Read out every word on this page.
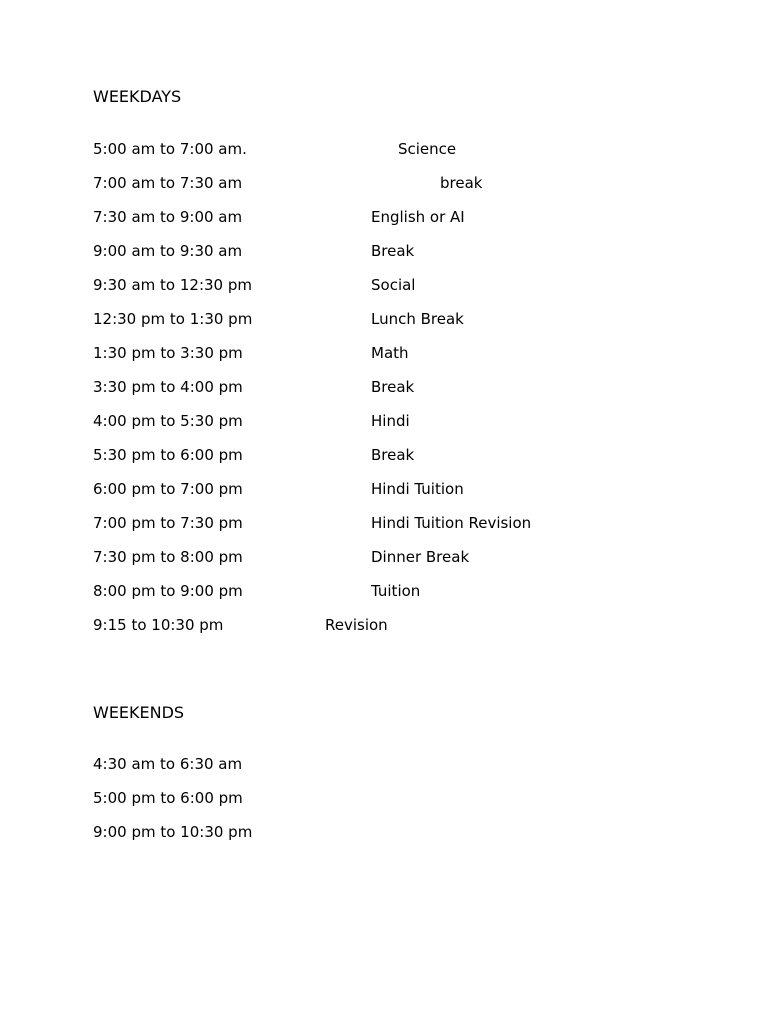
WEEKDAYS
5:00 am to 7:00 am.	Science
7:00 am to 7:30 am	break
7:30 am to 9:00 am	English or AI
9:00 am to 9:30 am	Break
9:30 am to 12:30 pm	Social
12:30 pm to 1:30 pm	Lunch Break
1:30 pm to 3:30 pm	Math
3:30 pm to 4:00 pm	Break
4:00 pm to 5:30 pm	Hindi
5:30 pm to 6:00 pm	Break
6:00 pm to 7:00 pm	Hindi Tuition
7:00 pm to 7:30 pm	Hindi Tuition Revision
7:30 pm to 8:00 pm	Dinner Break
8:00 pm to 9:00 pm	Tuition
9:15 to 10:30 pm	Revision
WEEKENDS
4:30 am to 6:30 am
5:00 pm to 6:00 pm
9:00 pm to 10:30 pm
